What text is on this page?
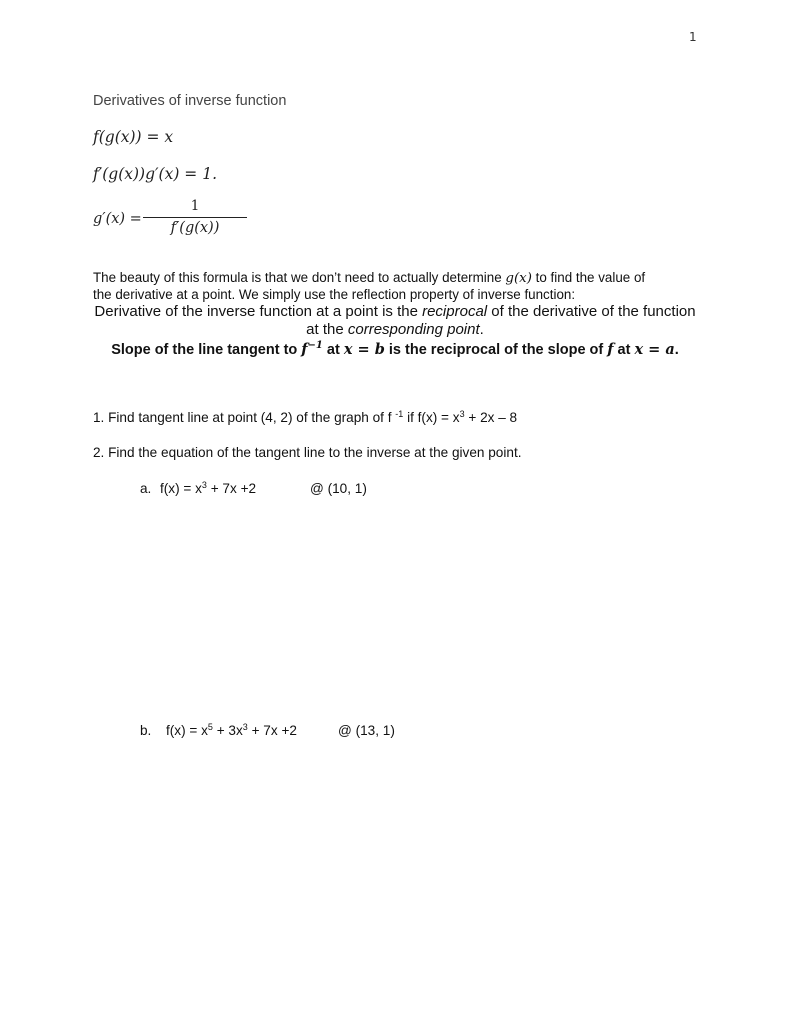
1
Derivatives of inverse function
f(g(x)) = x
f′(g(x))g′(x) = 1.
g′(x) =
1
f′(g(x))
The beauty of this formula is that we don’t need to actually determine g(x) to find the value of
the derivative at a point. We simply use the reflection property of inverse function:
Derivative of the inverse function at a point is the reciprocal of the derivative of the function at the corresponding point.
Slope of the line tangent to $f^{-1}$ at x = b is the reciprocal of the slope of f at x = a.
1. Find tangent line at point (4, 2) of the graph of f $^{-1}$ if $f(x) = x^3 + 2x - 8$
2. Find the equation of the tangent line to the inverse at the given point.
a. $f(x) = x^3 + 7x +2$	@ (10, 1)
b. $f(x) = x^5 + 3x^3 + 7x +2$	@ (13, 1)
